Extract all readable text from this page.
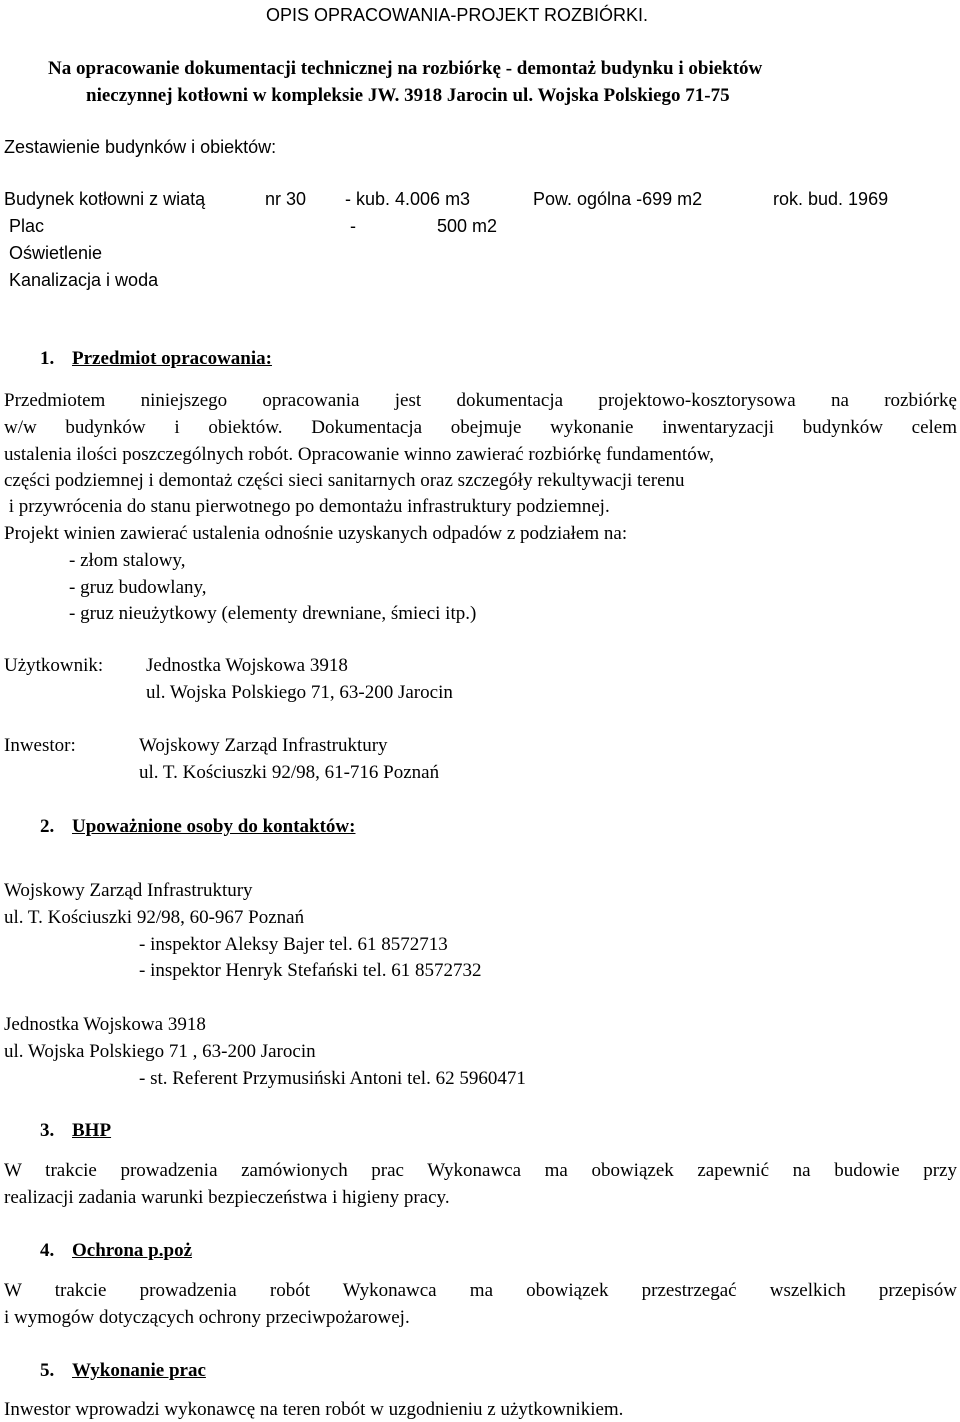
OPIS OPRACOWANIA-PROJEKT ROZBIÓRKI.
Na opracowanie dokumentacji technicznej na rozbiórkę - demontaż budynku i obiektów
nieczynnej kotłowni w kompleksie JW. 3918 Jarocin ul. Wojska Polskiego 71-75
Zestawienie budynków i obiektów:
Budynek kotłowni z wiatą	nr 30 - kub. 4.006 m3	Pow. ogólna -699 m2	rok. bud. 1969
Plac	-	500 m2
Oświetlenie
Kanalizacja i woda
1. Przedmiot opracowania:
Przedmiotem niniejszego opracowania jest dokumentacja projektowo-kosztorysowa na rozbiórkę
w/w budynków i obiektów. Dokumentacja obejmuje wykonanie inwentaryzacji budynków celem
ustalenia ilości poszczególnych robót. Opracowanie winno zawierać rozbiórkę fundamentów,
części podziemnej i demontaż części sieci sanitarnych oraz szczegóły rekultywacji terenu
i przywrócenia do stanu pierwotnego po demontażu infrastruktury podziemnej.
Projekt winien zawierać ustalenia odnośnie uzyskanych odpadów z podziałem na:
- złom stalowy,
- gruz budowlany,
- gruz nieużytkowy (elementy drewniane, śmieci itp.)
Użytkownik: Jednostka Wojskowa 3918
ul. Wojska Polskiego 71, 63-200 Jarocin
Inwestor:	Wojskowy Zarząd Infrastruktury
ul. T. Kościuszki 92/98, 61-716 Poznań
2. Upoważnione osoby do kontaktów:
Wojskowy Zarząd Infrastruktury
ul. T. Kościuszki 92/98, 60-967 Poznań
- inspektor Aleksy Bajer tel. 61 8572713
- inspektor Henryk Stefański tel. 61 8572732
Jednostka Wojskowa 3918
ul. Wojska Polskiego 71 , 63-200 Jarocin
- st. Referent Przymusiński Antoni tel. 62 5960471
3. BHP
W trakcie prowadzenia zamówionych prac Wykonawca ma obowiązek zapewnić na budowie przy
realizacji zadania warunki bezpieczeństwa i higieny pracy.
4. Ochrona p.poż
W trakcie prowadzenia robót Wykonawca ma obowiązek przestrzegać wszelkich przepisów
i wymogów dotyczących ochrony przeciwpożarowej.
5. Wykonanie prac
Inwestor wprowadzi wykonawcę na teren robót w uzgodnieniu z użytkownikiem.
